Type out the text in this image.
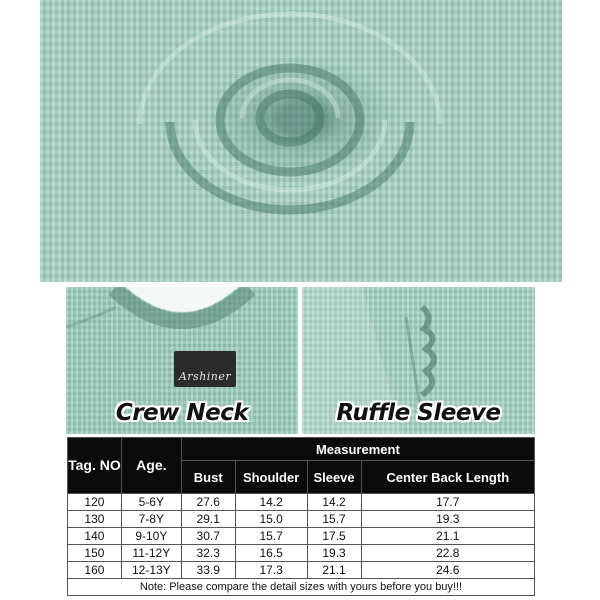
Arshiner
Crew Neck	Ruffle Sleeve
Tag. NO	Age.	Measurement			
		Bust	Shoulder	Sleeve	Center Back Length
120	5-6Y	27.6	14.2	14.2	17.7
130	7-8Y	29.1	15.0	15.7	19.3
140	9-10Y	30.7	15.7	17.5	21.1
150	11-12Y	32.3	16.5	19.3	22.8
160	12-13Y	33.9	17.3	21.1	24.6
Note: Please compare the detail sizes with yours before you buy!!!					
